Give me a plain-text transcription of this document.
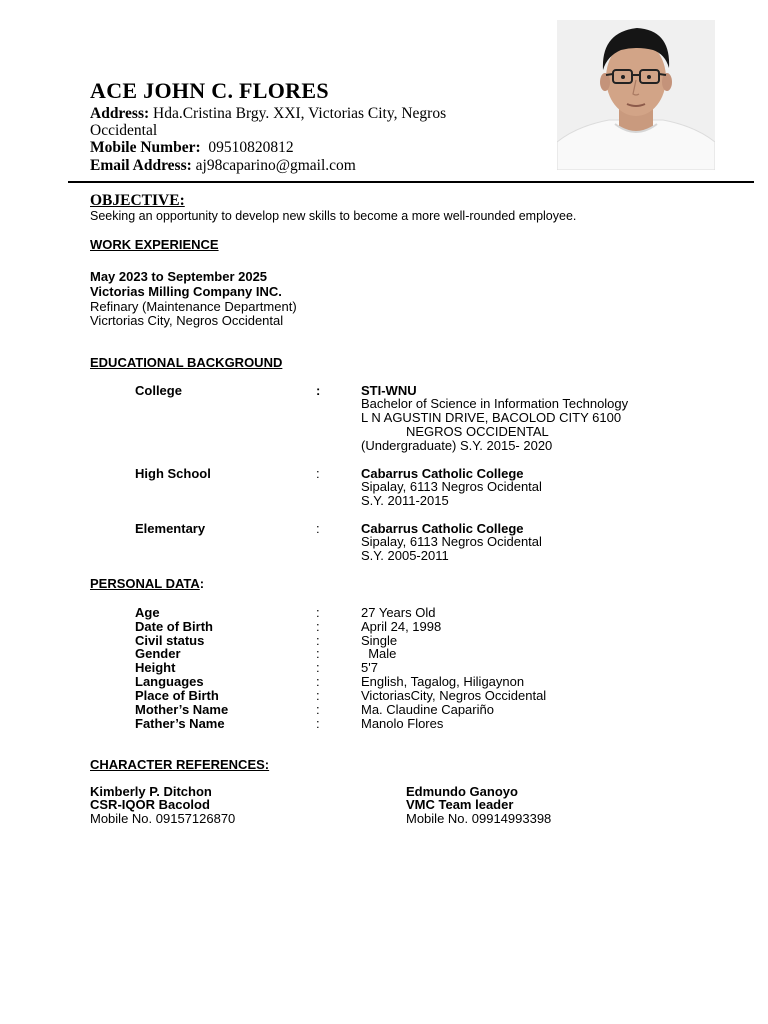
ACE JOHN C. FLORES
Address: Hda.Cristina Brgy. XXI, Victorias City, Negros
Occidental
Mobile Number: 09510820812
Email Address: aj98caparino@gmail.com
OBJECTIVE:
Seeking an opportunity to develop new skills to become a more well-rounded employee.
WORK EXPERIENCE
May 2023 to September 2025
Victorias Milling Company INC.
Refinary (Maintenance Department)
Vicrtorias City, Negros Occidental
EDUCATIONAL BACKGROUND
College	:	STI-WNU
Bachelor of Science in Information Technology
L N AGUSTIN DRIVE, BACOLOD CITY 6100
NEGROS OCCIDENTAL
(Undergraduate) S.Y. 2015- 2020
High School	:	Cabarrus Catholic College
Sipalay, 6113 Negros Ocidental
S.Y. 2011-2015
Elementary	:	Cabarrus Catholic College
Sipalay, 6113 Negros Ocidental
S.Y. 2005-2011
PERSONAL DATA:
Age	:	27 Years Old
Date of Birth	:	April 24, 1998
Civil status	:	Single
Gender	:	Male
Height	:	5'7
Languages	:	English, Tagalog, Hiligaynon
Place of Birth	:	VictoriasCity, Negros Occidental
Mother’s Name	:	Ma. Claudine Capariño
Father’s Name	:	Manolo Flores
CHARACTER REFERENCES:
Kimberly P. Ditchon
CSR-IQOR Bacolod
Mobile No. 09157126870
Edmundo Ganoyo
VMC Team leader
Mobile No. 09914993398
